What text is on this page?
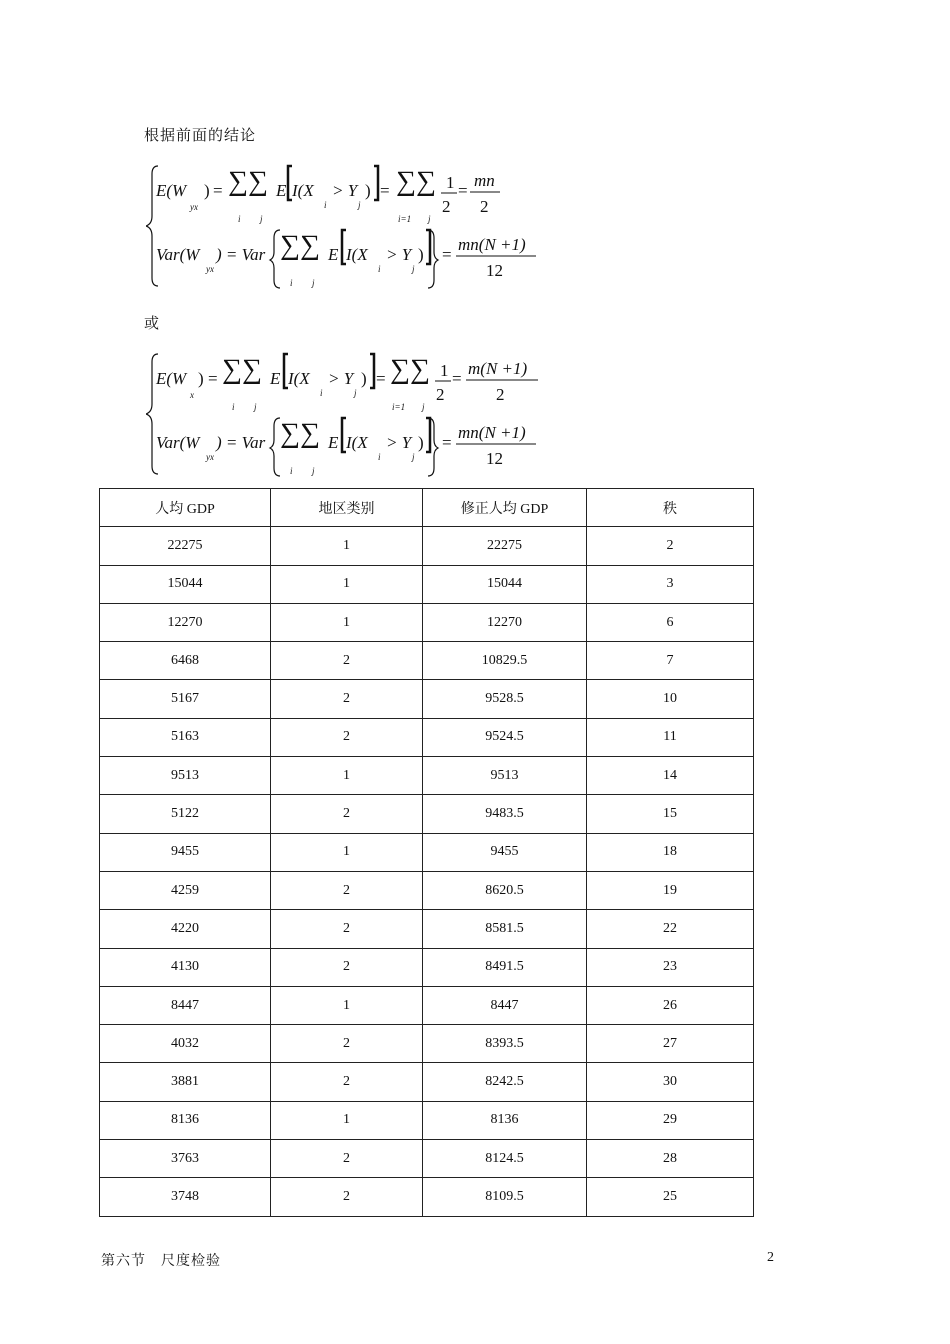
根据前面的结论
E(W
yx
) = ∑∑
i j
E I(X
i
> Y
j
) = ∑∑
i=1 j
1
2
=
mn
2
Var(W
yx
) = Var ∑∑
i j
E I(X
i
> Y
j
) =
mn(N +1)
12
或
E(W
x
) = ∑∑
i j
E I(X
i
> Y
j
) = ∑∑
i=1 j
1
2
=
m(N +1)
2
Var(W
yx
) = Var ∑∑
i j
E I(X
i
> Y
j
) =
mn(N +1)
12
人均 GDP	地区类别	修正人均 GDP	秩
22275	1	22275	2
15044	1	15044	3
12270	1	12270	6
6468	2	10829.5	7
5167	2	9528.5	10
5163	2	9524.5	11
9513	1	9513	14
5122	2	9483.5	15
9455	1	9455	18
4259	2	8620.5	19
4220	2	8581.5	22
4130	2	8491.5	23
8447	1	8447	26
4032	2	8393.5	27
3881	2	8242.5	30
8136	1	8136	29
3763	2	8124.5	28
3748	2	8109.5	25
第六节　尺度检验	2
